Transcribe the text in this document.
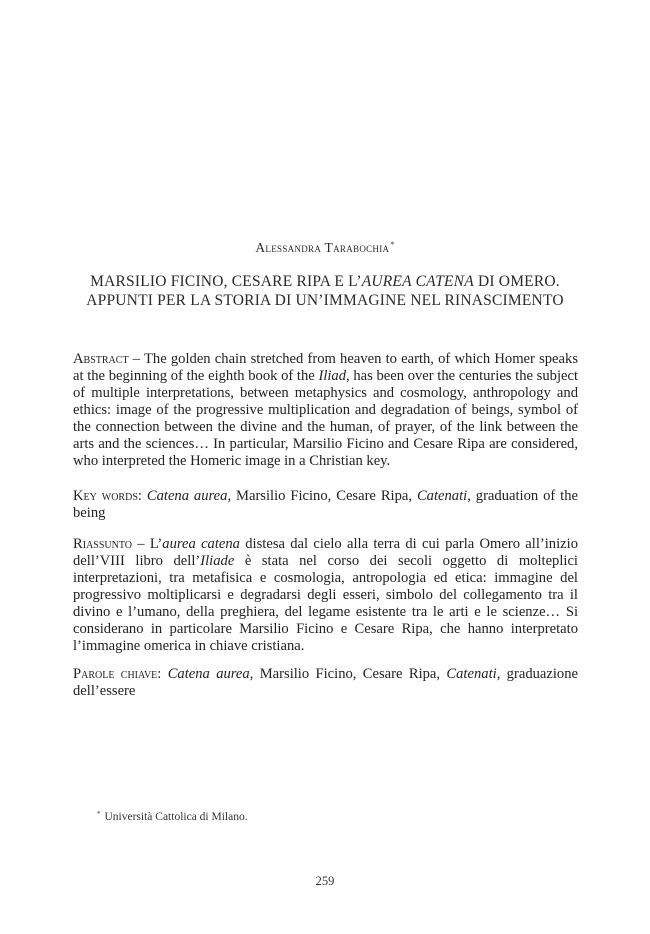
Alessandra Tarabochia*
MARSILIO FICINO, CESARE RIPA E L’AUREA CATENA DI OMERO.
APPUNTI PER LA STORIA DI UN’IMMAGINE NEL RINASCIMENTO

Abstract – The golden chain stretched from heaven to earth, of which Homer speaks at the beginning of the eighth book of the Iliad, has been over the centuries the subject of multiple interpretations, between metaphysics and cosmology, anthropology and ethics: image of the progressive multiplication and degradation of beings, symbol of the connection between the divine and the human, of prayer, of the link between the arts and the sciences… In particular, Marsilio Ficino and Cesare Ripa are considered, who interpreted the Homeric image in a Christian key.

Key words: Catena aurea, Marsilio Ficino, Cesare Ripa, Catenati, graduation of the being

Riassunto – L’aurea catena distesa dal cielo alla terra di cui parla Omero all’inizio dell’VIII libro dell’Iliade è stata nel corso dei secoli oggetto di molteplici interpretazioni, tra metafisica e cosmologia, antropologia ed etica: immagine del progressivo moltiplicarsi e degradarsi degli esseri, simbolo del collegamento tra il divino e l’umano, della preghiera, del legame esistente tra le arti e le scienze… Si considerano in particolare Marsilio Ficino e Cesare Ripa, che hanno interpretato l’immagine omerica in chiave cristiana.

Parole chiave: Catena aurea, Marsilio Ficino, Cesare Ripa, Catenati, graduazione dell’essere

* Università Cattolica di Milano.
259
